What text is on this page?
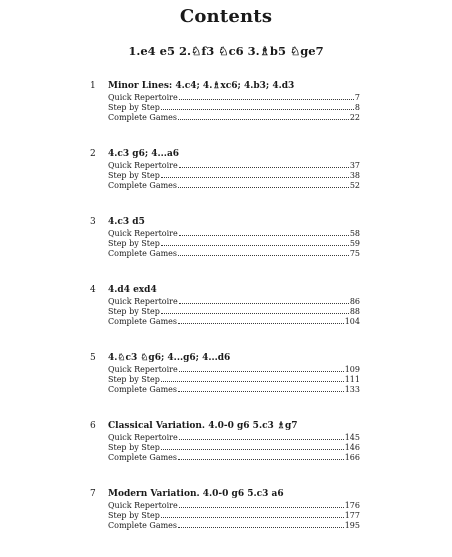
Contents
1.e4 e5 2.♘f3 ♘c6 3.♗b5 ♘ge7
1 Minor Lines: 4.c4; 4.♗xc6; 4.b3; 4.d3
Quick Repertoire	7
Step by Step	8
Complete Games	22
2 4.c3 g6; 4...a6
Quick Repertoire	37
Step by Step	38
Complete Games	52
3 4.c3 d5
Quick Repertoire	58
Step by Step	59
Complete Games	75
4 4.d4 exd4
Quick Repertoire	86
Step by Step	88
Complete Games	104
5 4.♘c3 ♘g6; 4...g6; 4...d6
Quick Repertoire	109
Step by Step	111
Complete Games	133
6 Classical Variation. 4.0-0 g6 5.c3 ♗g7
Quick Repertoire	145
Step by Step	146
Complete Games	166
7 Modern Variation. 4.0-0 g6 5.c3 a6
Quick Repertoire	176
Step by Step	177
Complete Games	195
